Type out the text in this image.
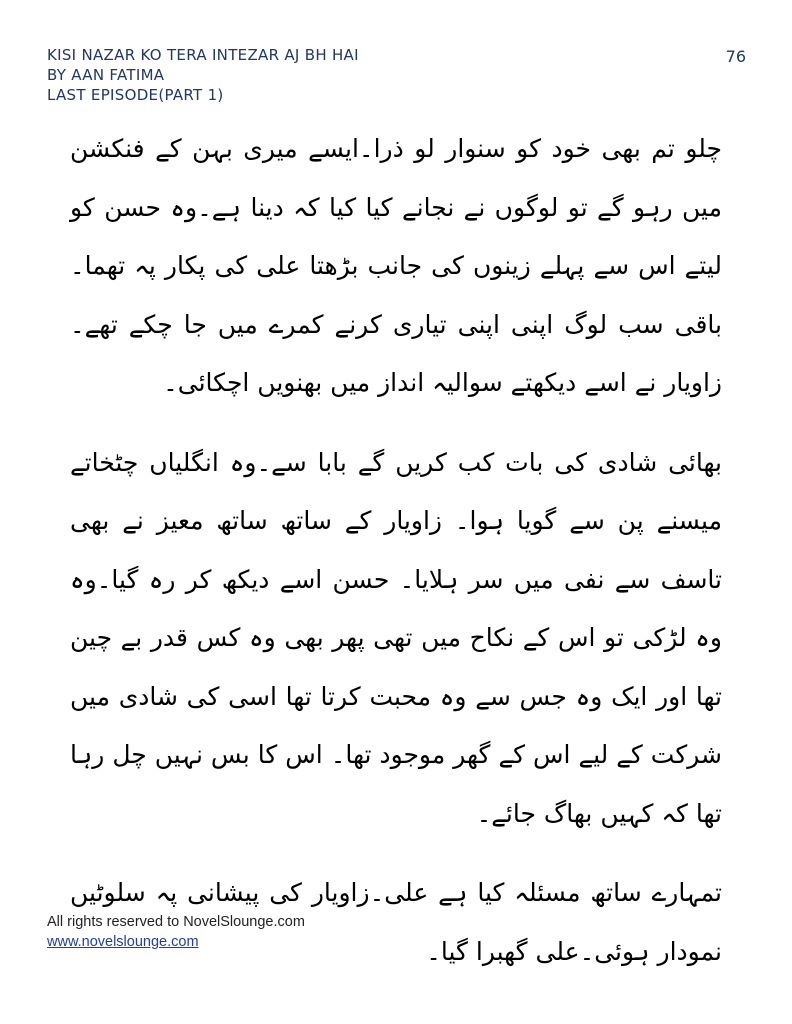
KISI NAZAR KO TERA INTEZAR AJ BH HAI
BY AAN FATIMA
LAST EPISODE(PART 1)
76

چلو تم بھی خود کو سنوار لو ذرا۔ایسے میری بہن کے فنکشن میں رہو گے تو لوگوں نے نجانے کیا کیا کہ دینا ہے۔وہ حسن کو لیتے اس سے پہلے زینوں کی جانب بڑھتا علی کی پکار پہ تھما۔باقی سب لوگ اپنی اپنی تیاری کرنے کمرے میں جا چکے تھے۔زاویار نے اسے دیکھتے سوالیہ انداز میں بھنویں اچکائی۔

بھائی شادی کی بات کب کریں گے بابا سے۔وہ انگلیاں چٹخاتے میسنے پن سے گویا ہوا۔ زاویار کے ساتھ ساتھ معیز نے بھی تاسف سے نفی میں سر ہلایا۔ حسن اسے دیکھ کر رہ گیا۔وہ وہ لڑکی تو اس کے نکاح میں تھی پھر بھی وہ کس قدر بے چین تھا اور ایک وہ جس سے وہ محبت کرتا تھا اسی کی شادی میں شرکت کے لیے اس کے گھر موجود تھا۔ اس کا بس نہیں چل رہا تھا کہ کہیں بھاگ جائے۔

تمہارے ساتھ مسئلہ کیا ہے علی۔زاویار کی پیشانی پہ سلوٹیں نمودار ہوئی۔علی گھبرا گیا۔

All rights reserved to NovelSlounge.com
www.novelslounge.com
